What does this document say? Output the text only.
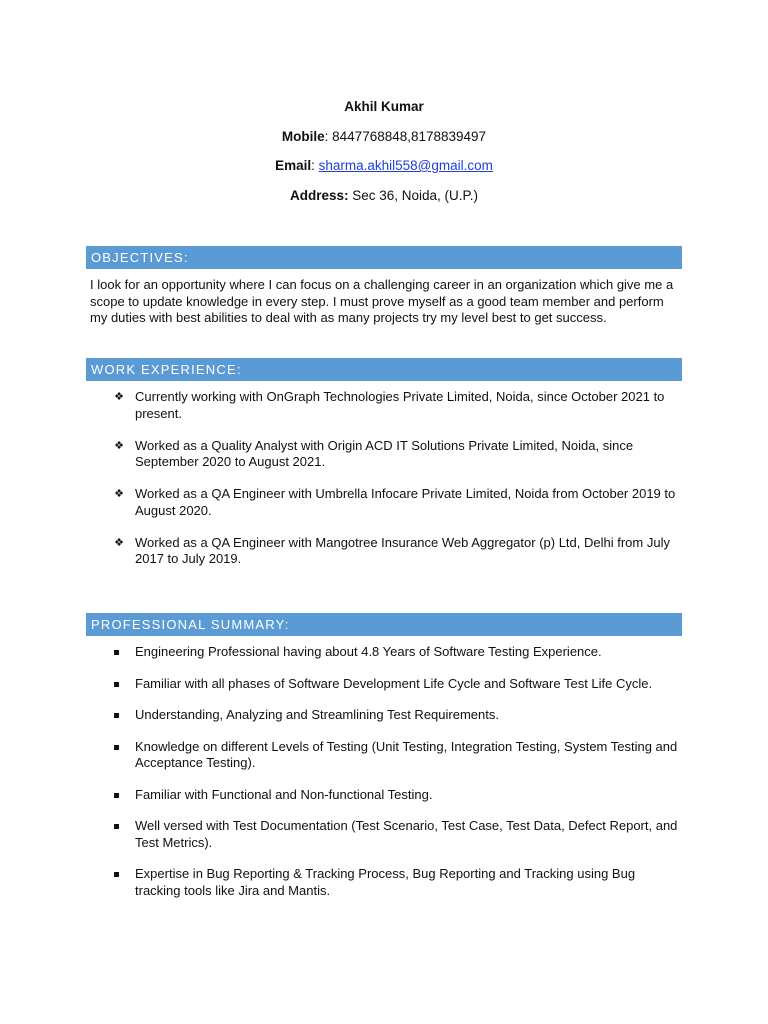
Akhil Kumar
Mobile: 8447768848,8178839497
Email: sharma.akhil558@gmail.com
Address: Sec 36, Noida, (U.P.)
OBJECTIVES:
I look for an opportunity where I can focus on a challenging career in an organization which give me a scope to update knowledge in every step. I must prove myself as a good team member and perform my duties with best abilities to deal with as many projects try my level best to get success.
WORK EXPERIENCE:
❖ Currently working with OnGraph Technologies Private Limited, Noida, since October 2021 to present.
❖ Worked as a Quality Analyst with Origin ACD IT Solutions Private Limited, Noida, since September 2020 to August 2021.
❖ Worked as a QA Engineer with Umbrella Infocare Private Limited, Noida from October 2019 to August 2020.
❖ Worked as a QA Engineer with Mangotree Insurance Web Aggregator (p) Ltd, Delhi from July 2017 to July 2019.
PROFESSIONAL SUMMARY:
Engineering Professional having about 4.8 Years of Software Testing Experience.
Familiar with all phases of Software Development Life Cycle and Software Test Life Cycle.
Understanding, Analyzing and Streamlining Test Requirements.
Knowledge on different Levels of Testing (Unit Testing, Integration Testing, System Testing and Acceptance Testing).
Familiar with Functional and Non-functional Testing.
Well versed with Test Documentation (Test Scenario, Test Case, Test Data, Defect Report, and Test Metrics).
Expertise in Bug Reporting & Tracking Process, Bug Reporting and Tracking using Bug tracking tools like Jira and Mantis.
